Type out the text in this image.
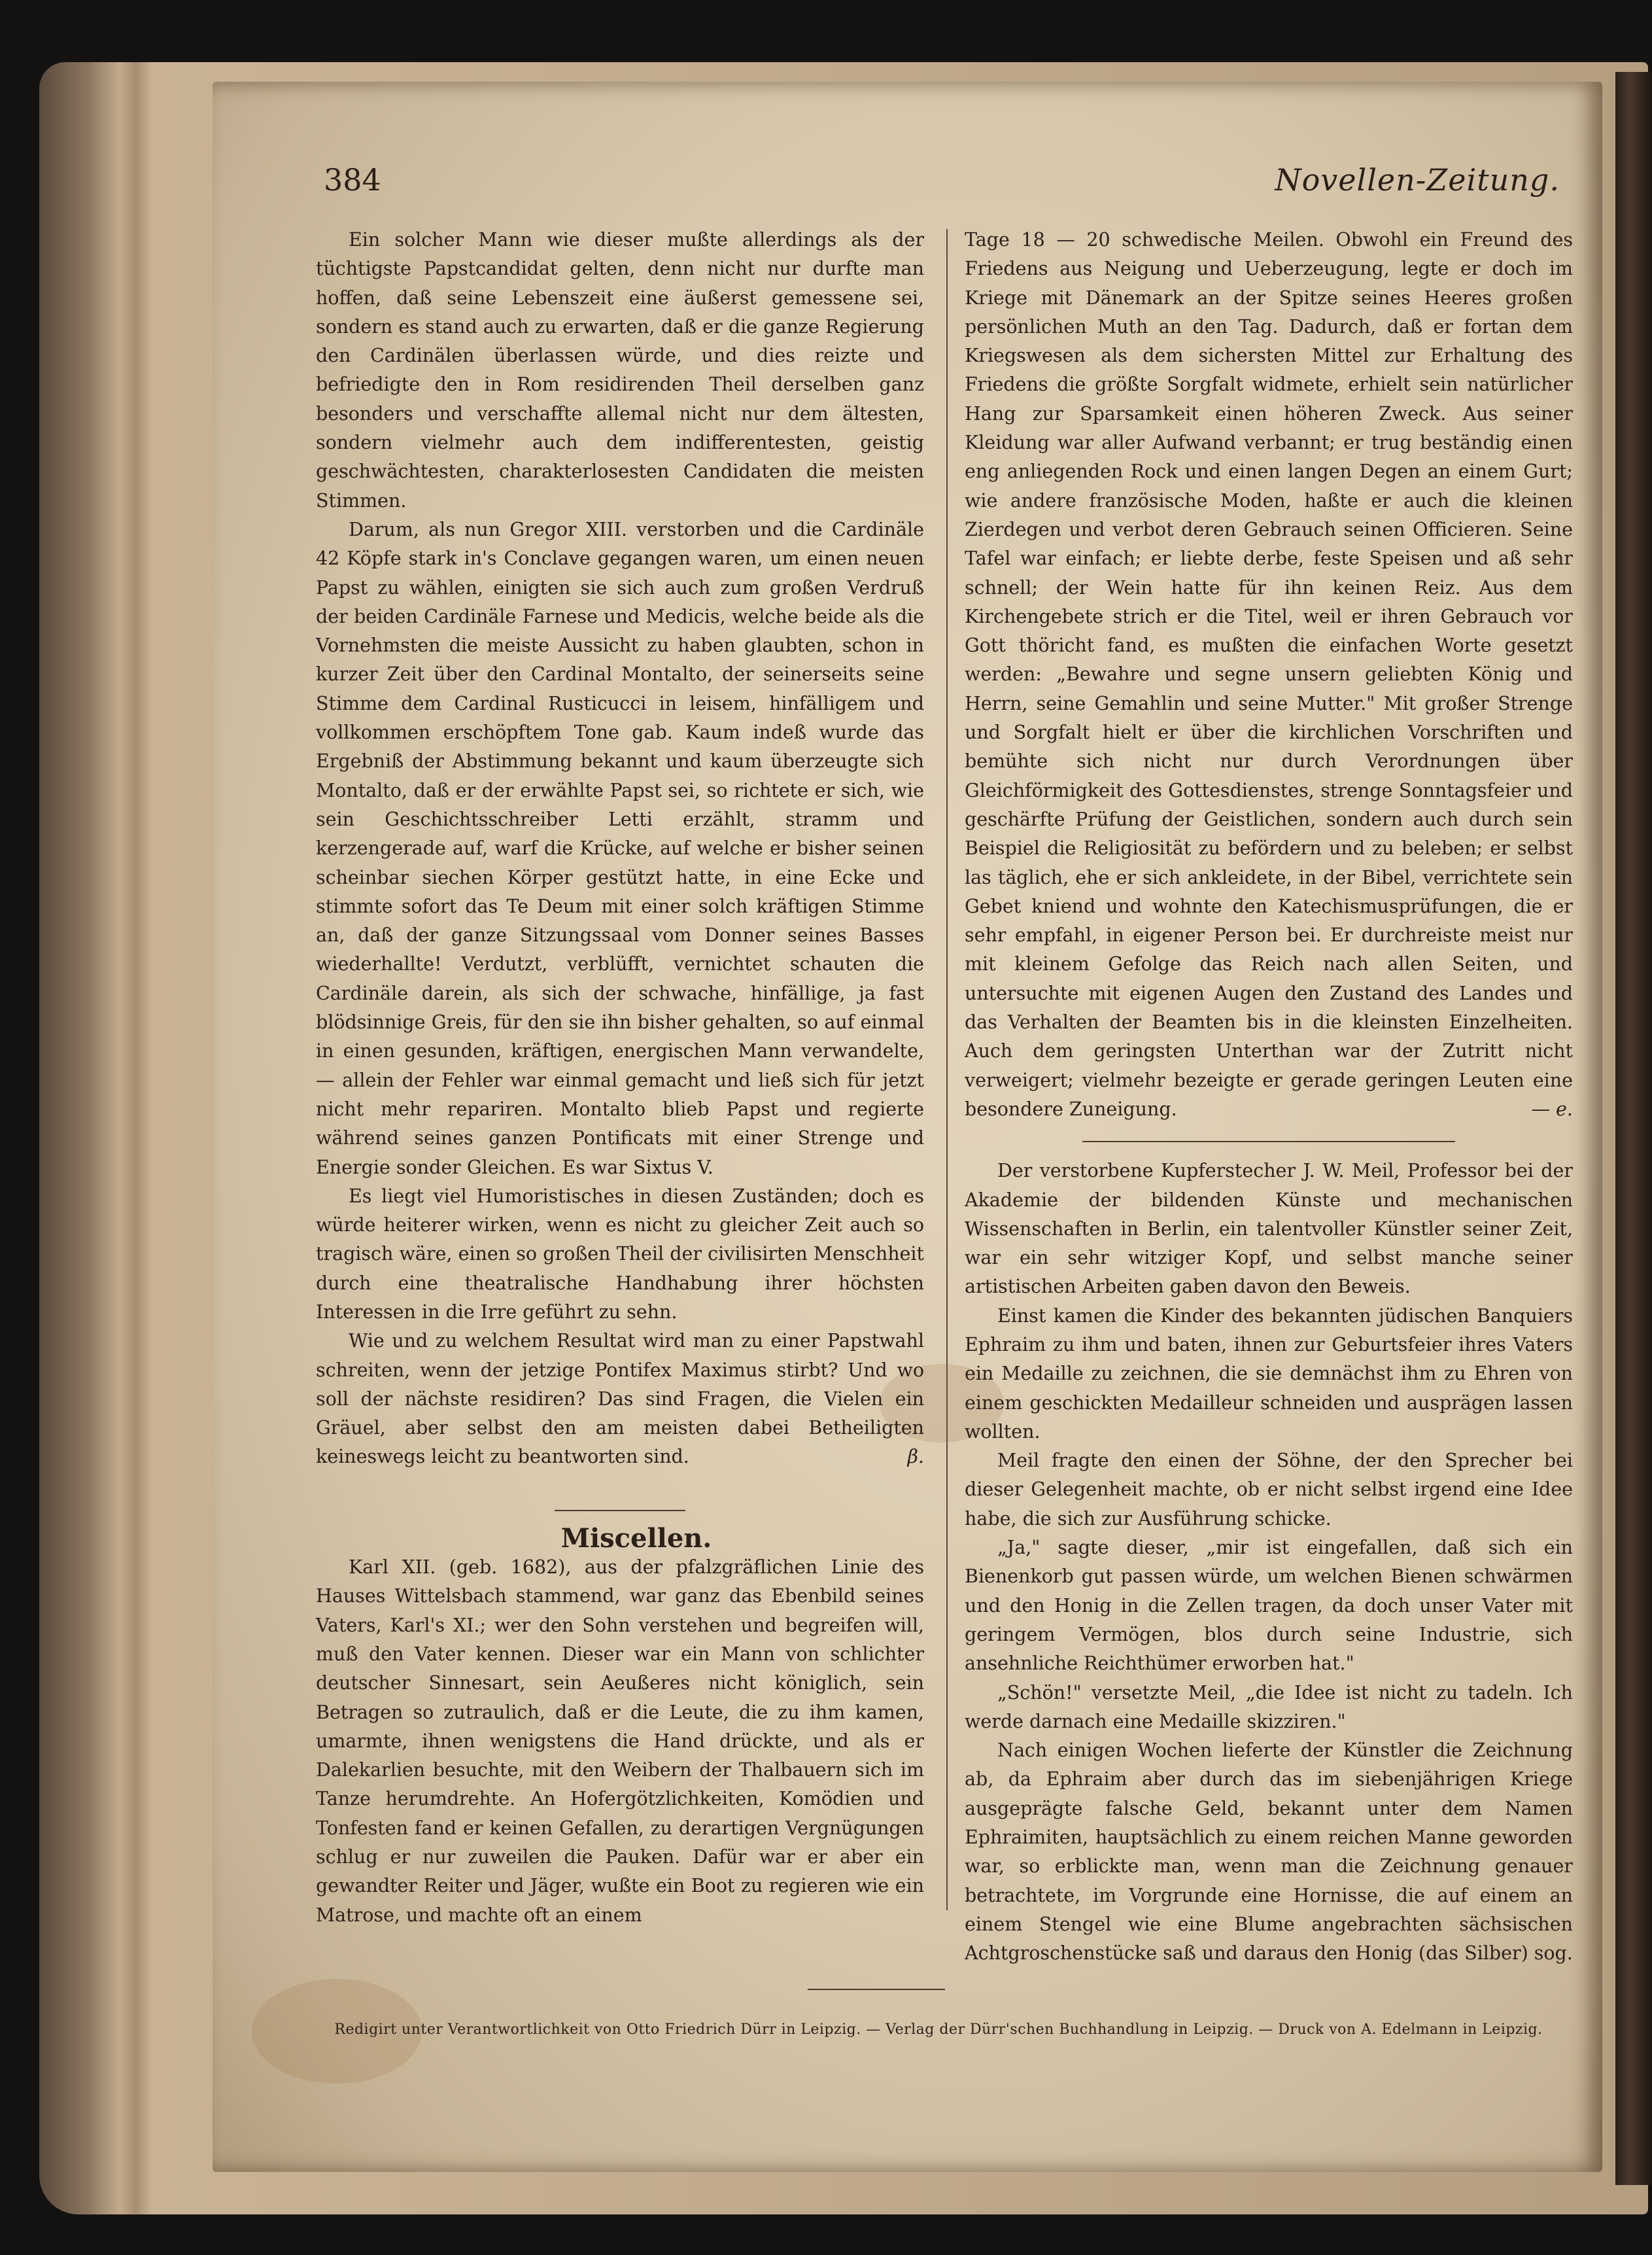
384	Novellen-Zeitung.

Ein solcher Mann wie dieser mußte allerdings als der tüchtigste Papstcandidat gelten, denn nicht nur durfte man hoffen, daß seine Lebenszeit eine äußerst gemessene sei, sondern es stand auch zu erwarten, daß er die ganze Regierung den Cardinälen überlassen würde, und dies reizte und befriedigte den in Rom residirenden Theil derselben ganz besonders und verschaffte allemal nicht nur dem ältesten, sondern vielmehr auch dem indifferentesten, geistig geschwächtesten, charakterlosesten Candidaten die meisten Stimmen.

Darum, als nun Gregor XIII. verstorben und die Cardinäle 42 Köpfe stark in's Conclave gegangen waren, um einen neuen Papst zu wählen, einigten sie sich auch zum großen Verdruß der beiden Cardinäle Farnese und Medicis, welche beide als die Vornehmsten die meiste Aussicht zu haben glaubten, schon in kurzer Zeit über den Cardinal Montalto, der seinerseits seine Stimme dem Cardinal Rusticucci in leisem, hinfälligem und vollkommen erschöpftem Tone gab. Kaum indeß wurde das Ergebniß der Abstimmung bekannt und kaum überzeugte sich Montalto, daß er der erwählte Papst sei, so richtete er sich, wie sein Geschichtsschreiber Letti erzählt, stramm und kerzengerade auf, warf die Krücke, auf welche er bisher seinen scheinbar siechen Körper gestützt hatte, in eine Ecke und stimmte sofort das Te Deum mit einer solch kräftigen Stimme an, daß der ganze Sitzungssaal vom Donner seines Basses wiederhallte! Verdutzt, verblüfft, vernichtet schauten die Cardinäle darein, als sich der schwache, hinfällige, ja fast blödsinnige Greis, für den sie ihn bisher gehalten, so auf einmal in einen gesunden, kräftigen, energischen Mann verwandelte, — allein der Fehler war einmal gemacht und ließ sich für jetzt nicht mehr repariren. Montalto blieb Papst und regierte während seines ganzen Pontificats mit einer Strenge und Energie sonder Gleichen. Es war Sixtus V.

Es liegt viel Humoristisches in diesen Zuständen; doch es würde heiterer wirken, wenn es nicht zu gleicher Zeit auch so tragisch wäre, einen so großen Theil der civilisirten Menschheit durch eine theatralische Handhabung ihrer höchsten Interessen in die Irre geführt zu sehn.

Wie und zu welchem Resultat wird man zu einer Papstwahl schreiten, wenn der jetzige Pontifex Maximus stirbt? Und wo soll der nächste residiren? Das sind Fragen, die Vielen ein Gräuel, aber selbst den am meisten dabei Betheiligten keineswegs leicht zu beantworten sind.	β.

Miscellen.

Karl XII. (geb. 1682), aus der pfalzgräflichen Linie des Hauses Wittelsbach stammend, war ganz das Ebenbild seines Vaters, Karl's XI.; wer den Sohn verstehen und begreifen will, muß den Vater kennen. Dieser war ein Mann von schlichter deutscher Sinnesart, sein Aeußeres nicht königlich, sein Betragen so zutraulich, daß er die Leute, die zu ihm kamen, umarmte, ihnen wenigstens die Hand drückte, und als er Dalekarlien besuchte, mit den Weibern der Thalbauern sich im Tanze herumdrehte. An Hofergötzlichkeiten, Komödien und Tonfesten fand er keinen Gefallen, zu derartigen Vergnügungen schlug er nur zuweilen die Pauken. Dafür war er aber ein gewandter Reiter und Jäger, wußte ein Boot zu regieren wie ein Matrose, und machte oft an einem

Tage 18 — 20 schwedische Meilen. Obwohl ein Freund des Friedens aus Neigung und Ueberzeugung, legte er doch im Kriege mit Dänemark an der Spitze seines Heeres großen persönlichen Muth an den Tag. Dadurch, daß er fortan dem Kriegswesen als dem sichersten Mittel zur Erhaltung des Friedens die größte Sorgfalt widmete, erhielt sein natürlicher Hang zur Sparsamkeit einen höheren Zweck. Aus seiner Kleidung war aller Aufwand verbannt; er trug beständig einen eng anliegenden Rock und einen langen Degen an einem Gurt; wie andere französische Moden, haßte er auch die kleinen Zierdegen und verbot deren Gebrauch seinen Officieren. Seine Tafel war einfach; er liebte derbe, feste Speisen und aß sehr schnell; der Wein hatte für ihn keinen Reiz. Aus dem Kirchengebete strich er die Titel, weil er ihren Gebrauch vor Gott thöricht fand, es mußten die einfachen Worte gesetzt werden: „Bewahre und segne unsern geliebten König und Herrn, seine Gemahlin und seine Mutter." Mit großer Strenge und Sorgfalt hielt er über die kirchlichen Vorschriften und bemühte sich nicht nur durch Verordnungen über Gleichförmigkeit des Gottesdienstes, strenge Sonntagsfeier und geschärfte Prüfung der Geistlichen, sondern auch durch sein Beispiel die Religiosität zu befördern und zu beleben; er selbst las täglich, ehe er sich ankleidete, in der Bibel, verrichtete sein Gebet kniend und wohnte den Katechismusprüfungen, die er sehr empfahl, in eigener Person bei. Er durchreiste meist nur mit kleinem Gefolge das Reich nach allen Seiten, und untersuchte mit eigenen Augen den Zustand des Landes und das Verhalten der Beamten bis in die kleinsten Einzelheiten. Auch dem geringsten Unterthan war der Zutritt nicht verweigert; vielmehr bezeigte er gerade geringen Leuten eine besondere Zuneigung.	— e.

Der verstorbene Kupferstecher J. W. Meil, Professor bei der Akademie der bildenden Künste und mechanischen Wissenschaften in Berlin, ein talentvoller Künstler seiner Zeit, war ein sehr witziger Kopf, und selbst manche seiner artistischen Arbeiten gaben davon den Beweis.

Einst kamen die Kinder des bekannten jüdischen Banquiers Ephraim zu ihm und baten, ihnen zur Geburtsfeier ihres Vaters ein Medaille zu zeichnen, die sie demnächst ihm zu Ehren von einem geschickten Medailleur schneiden und ausprägen lassen wollten.

Meil fragte den einen der Söhne, der den Sprecher bei dieser Gelegenheit machte, ob er nicht selbst irgend eine Idee habe, die sich zur Ausführung schicke.

„Ja," sagte dieser, „mir ist eingefallen, daß sich ein Bienenkorb gut passen würde, um welchen Bienen schwärmen und den Honig in die Zellen tragen, da doch unser Vater mit geringem Vermögen, blos durch seine Industrie, sich ansehnliche Reichthümer erworben hat."

„Schön!" versetzte Meil, „die Idee ist nicht zu tadeln. Ich werde darnach eine Medaille skizziren."

Nach einigen Wochen lieferte der Künstler die Zeichnung ab, da Ephraim aber durch das im siebenjährigen Kriege ausgeprägte falsche Geld, bekannt unter dem Namen Ephraimiten, hauptsächlich zu einem reichen Manne geworden war, so erblickte man, wenn man die Zeichnung genauer betrachtete, im Vorgrunde eine Hornisse, die auf einem an einem Stengel wie eine Blume angebrachten sächsischen Achtgroschenstücke saß und daraus den Honig (das Silber) sog.

Redigirt unter Verantwortlichkeit von Otto Friedrich Dürr in Leipzig. — Verlag der Dürr'schen Buchhandlung in Leipzig. — Druck von A. Edelmann in Leipzig.
